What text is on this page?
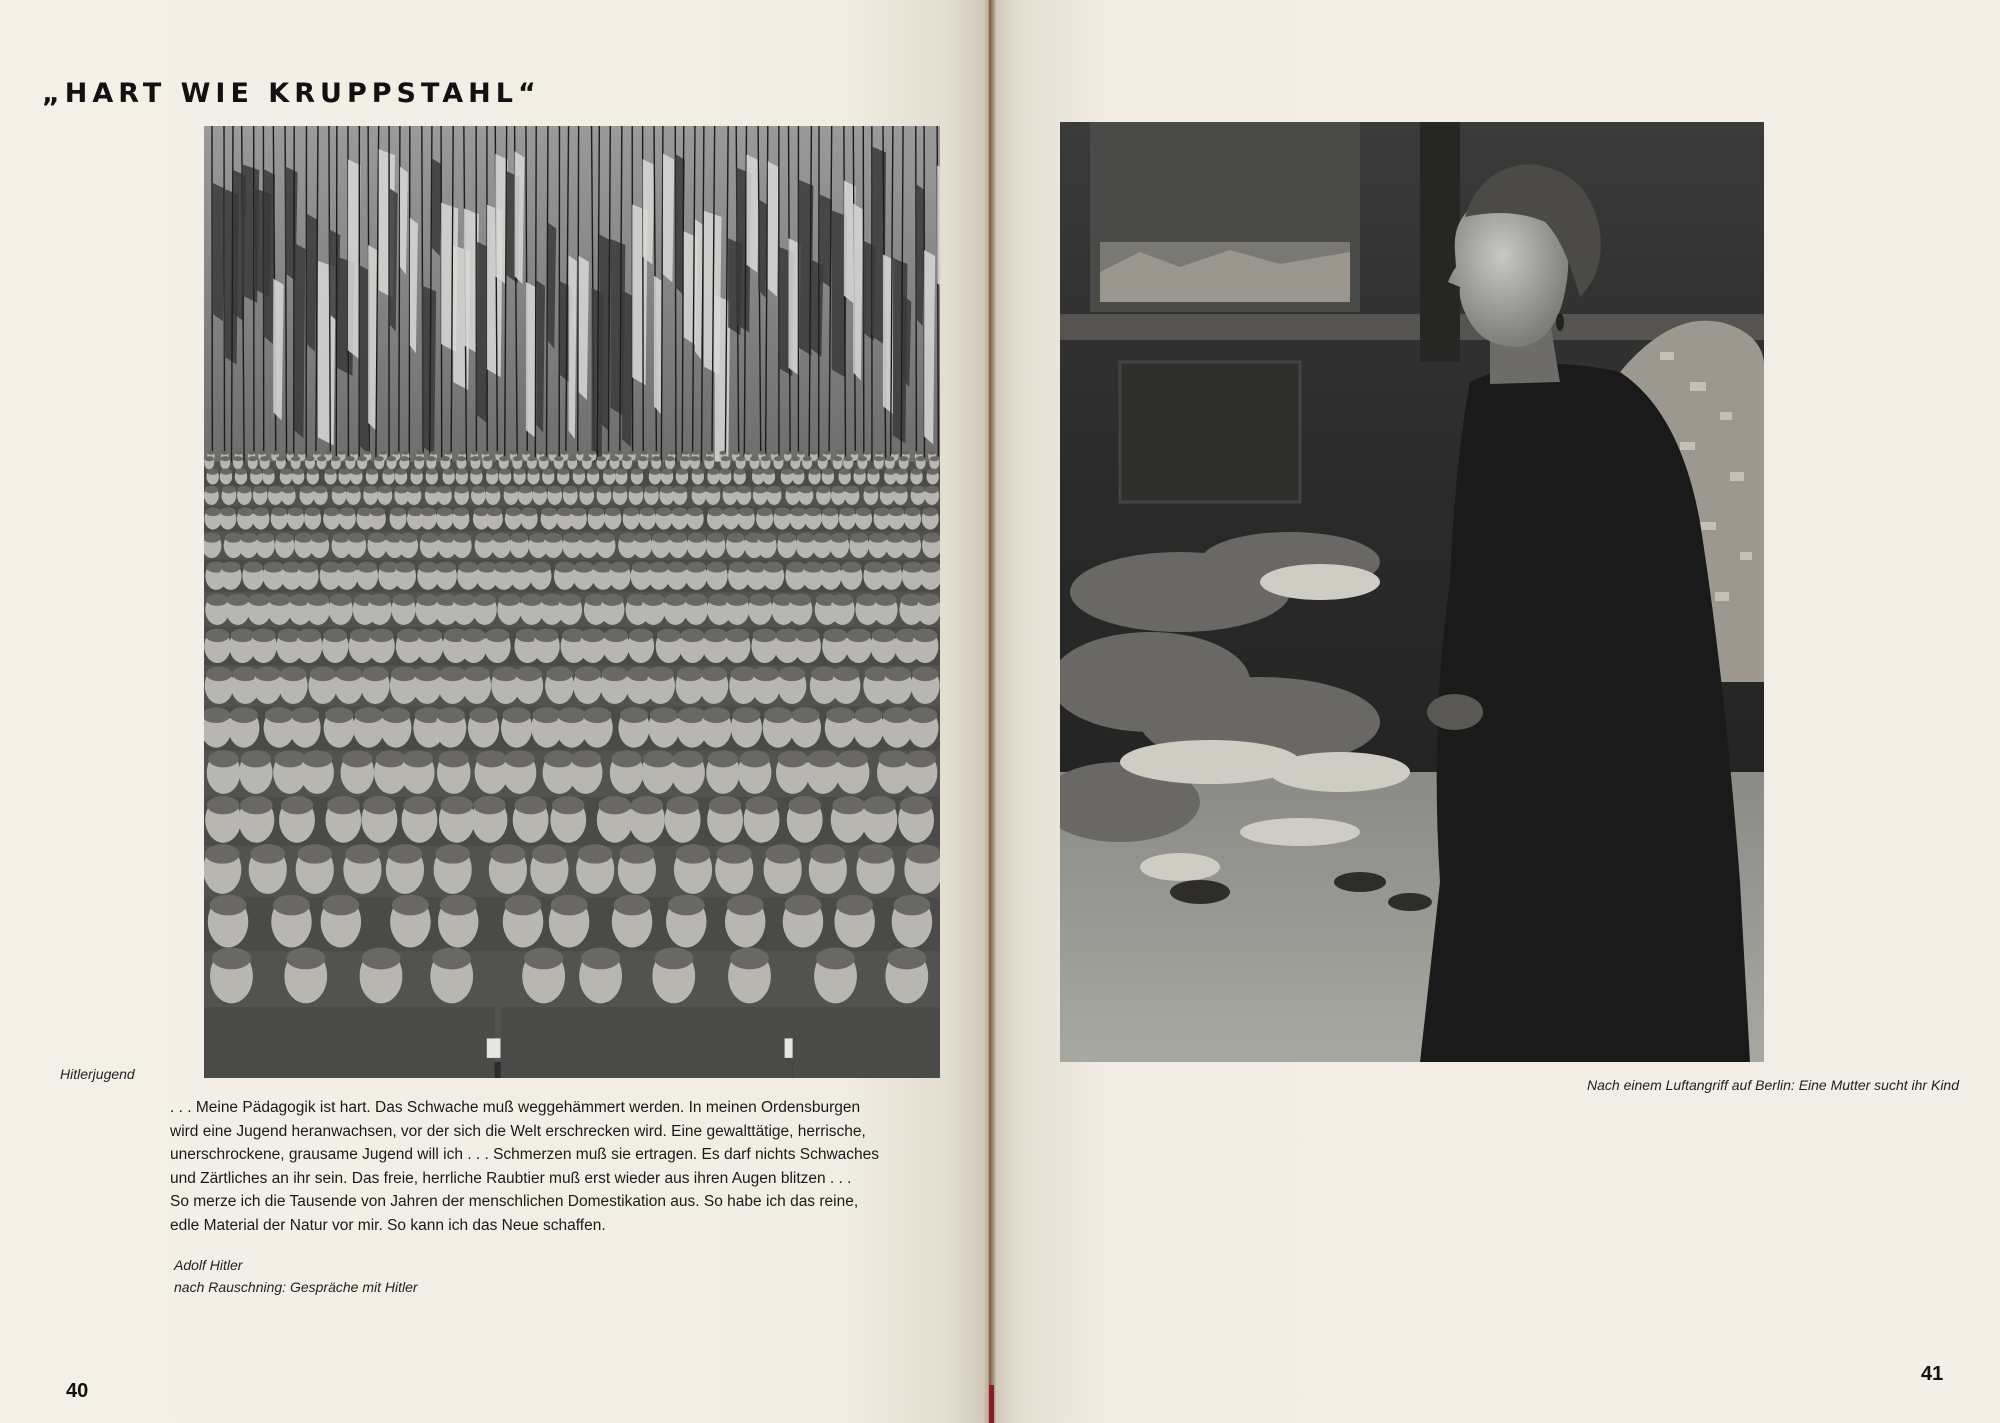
„HART WIE KRUPPSTAHL“
Hitlerjugend
. . . Meine Pädagogik ist hart. Das Schwache muß weggehämmert werden. In meinen Ordensburgen
wird eine Jugend heranwachsen, vor der sich die Welt erschrecken wird. Eine gewalttätige, herrische,
unerschrockene, grausame Jugend will ich . . . Schmerzen muß sie ertragen. Es darf nichts Schwaches
und Zärtliches an ihr sein. Das freie, herrliche Raubtier muß erst wieder aus ihren Augen blitzen . . .
So merze ich die Tausende von Jahren der menschlichen Domestikation aus. So habe ich das reine,
edle Material der Natur vor mir. So kann ich das Neue schaffen.
Adolf Hitler
nach Rauschning: Gespräche mit Hitler
40
Nach einem Luftangriff auf Berlin: Eine Mutter sucht ihr Kind
41
